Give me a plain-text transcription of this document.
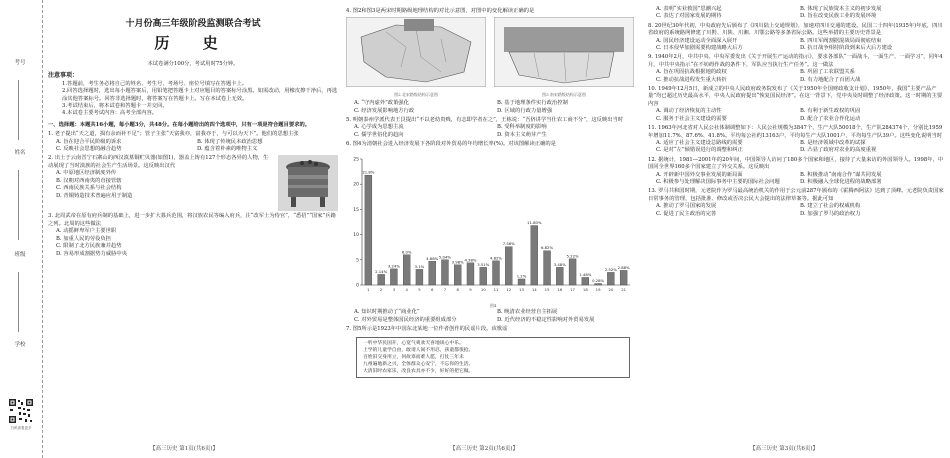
考号
姓名
班级
学校
扫码查看更多
十月份高三年级阶段监测联合考试
历 史
本试卷满分100分，考试用时75分钟。
注意事项：
1.答题前，考生务必将自己的姓名、考生号、考场号、座位号填写在答题卡上。
2.回答选择题时，选出每小题答案后，用铅笔把答题卡上对应题目的答案标号涂黑。如需改动，用橡皮擦干净后，再选涂其他答案标号。回答非选择题时，将答案写在答题卡上。写在本试卷上无效。
3.考试结束后，将本试卷和答题卡一并交回。
4.本试卷主要考试内容：高考全部内容。
一、选择题：本题共16小题，每小题3分，共48分。在每小题给出的四个选项中，只有一项是符合题目要求的。
1. 老子提出“天之道，损有余而补不足”；管子主张“天富我亦，富我亦于，与可以为天下”。他们的思想主张
A. 旨在迎合平民阶级的诉求	B. 体现了传统民本政治思想
C. 反映社会思想的融合趋势	D. 蕴含着朴素的唯物主义
2. 出土于云南晋宁石寨山的西汉滇墓铜贮贝器(如图1)，器盖上铸有127个形态各异的人物，生动展现了当时滇族的社会生产生活场景。这反映出汉代
A. 中原地区经济制度外传
B. 汉朝对西南夷的直接管辖
C. 西南民族关系与社会结构
D. 青铜铸造技术普遍应用于制造
3. 北周武帝在原有府兵制的基础上，进一步扩大募兵范围，将汉族农民等编入府兵，注“改军士为侍官”，“悉招”“国家”兵籍之列。北周的这些做法
A. 动摇鲜卑军户主要世职
B. 加重人民的劳役负担
C. 限制了北方民族兼并趋势
D. 容易形成割据势力威胁中央
【高三历史 第1页(共6页)】
4. 图2和图3是两宋时期路级地理结构的对比示意图，对图中的变化解读正确的是
图2 北宋路级结构示意图	图3 南宋路级结构示意图
A. “守内虚外”政策强化	B. 基于地理条件实行政治控制
C. 经济发展影响地方行政	D. 区域的行政力量增强
5. 明朝泰州学派代表王艮提出“不以老幼贵贱，有志即学者在之”，王栋说：“吾侪讲学当仕农工商不分”，这反映出当时
A. 心学成为思想主流	B. 受科举制度的影响
C. 儒学世俗化的趋向	D. 资本主义萌芽产生
6. 图4为清朝社会进入经济发展下各阶段对外贸易的年均增长率(%)。对该图解读正确的是
0
5
10
15
20
25
21.8%
1
2.14%
2
3.24%
3
6.0%
4
3.1%
5
4.68%
6
5.04%
7
3.98%
8
4.38%
9
3.51%
10
4.82%
11
7.56%
12
1.2%
13
11.80%
14
6.82%
15
3.48%
16
5.22%
17
1.48%
18
0.28%
19
2.52%
20
2.88%
21
图4
A. 知识时期推动了“商业化”	B. 晚清农业经营自主拓展
C. 对外贸易是整体国民经济的重要组成部分	D. 近代经济的不稳定性影响对外贸易发展
7. 图5所示是1923年中国东北某地一位作者创作的民谣片段。该歌谣
一听中华民国开，心宽气爽欢天喜地谈心中乐。
上学的儿童学自由，敢请人间不用忍，孩童都很抢。
百姓旧交身用立，何故辜而难人愿，打仗三年未
九州遍地新之兴，全体群众心安宁，不忘你的生活。
大清旧时农家乐，改良农具亦不少，好好的把它做。
【高三历史 第2页(共6页)】
A. 表明“实业救国”思潮兴起	B. 体现了民族资本主义的初步发展
C. 表达了对国家发展的期待	D. 旨在改变民族工业的发展环境
8. 20世纪30年代初，中央政府先后颁布了《四川陆上交通规划》，加速对四川交通的建设。民国二十四年(1935年)年底，四川省政府的系统路网修建了川黔、川陕、川湘、川鄂公路等多条省际公路。这些举措的主要历史背景是
A. 国民经济建设运动全面深入展开	B. 四川军阀割据混战局面彻底结束
C. 日本侵华加剧需要构建战略大后方	D. 抗日战争相持阶段到来后大后方建设
9. 1940年2月，中共中央、中央军委发出《关于开展生产运动的指示》，要求各部队“一面战斗，一面生产，一面学习”，同年4月，中共中央指示“在不妨碍作战的条件下，军队应当执行生产任务”。这一做法
A. 旨在巩固抗战根据地的政权	B. 巩固了工农联盟关系
C. 推动抗战进程发生重大转折	D. 有力地配合了百团大战
10. 1949年12月5日，新成立的中央人民政府政务院发布了《关于1950年全国财政收支计划》，1950年，我国“主要产品产量”均已超过历史最高水平，中央人民政府提出“恢复国民经济”。在这一背景下，党中央及时调整了经济政策。这一时期的主要内容
A. 调动了经济恢复的主动性	B. 有利于新生政权的巩固
C. 服务于社会主义建设的需要	D. 配合了农业合作化运动
11. 1963年河北省对人民公社体制调整如下：人民公社规模为3847个，生产大队50018个，生产队284374个，分别比1959年增加11.7%、87.6%、41.8%。平均每公社约13163户，平均每生产大队1001户，平均每生产队39户。这些变化说明当时
A. 适应了社会主义建设总路线的需要	B. 是经济领域中改革的试探
C. 是对“左”倾错误进行的调整和纠正	D. 凸显了政府对农业的高度重视
12. 据统计，1981—2001年的20年间，中国领导人访问了180多个国家和地区，接待了大量来访的外国领导人。1998年，中国同全世界160多个国家建立了外交关系。这反映出
A. 开辟新中国外交事业发展的新局面	B. 积极推动“南南合作”谋共同发展
C. 积极参与处理解决国际事务中主要的国际社会问题	D. 积极融入全球化进程的战略部署
13. 罗马共和国时期，元老院作为罗马最高统治机关的作用于公元前287年颁布的《霍腾西阿法》达到了顶峰。元老院负责国家日常事务的管理，包括批准、修改或否决公民大会提出的法律草案等。据此可知
A. 推动了罗马国家的发展	B. 建立了社会的权威机构
C. 促进了民主政治的完善	D. 加强了罗马的政治权力
【高三历史 第3页(共6页)】
